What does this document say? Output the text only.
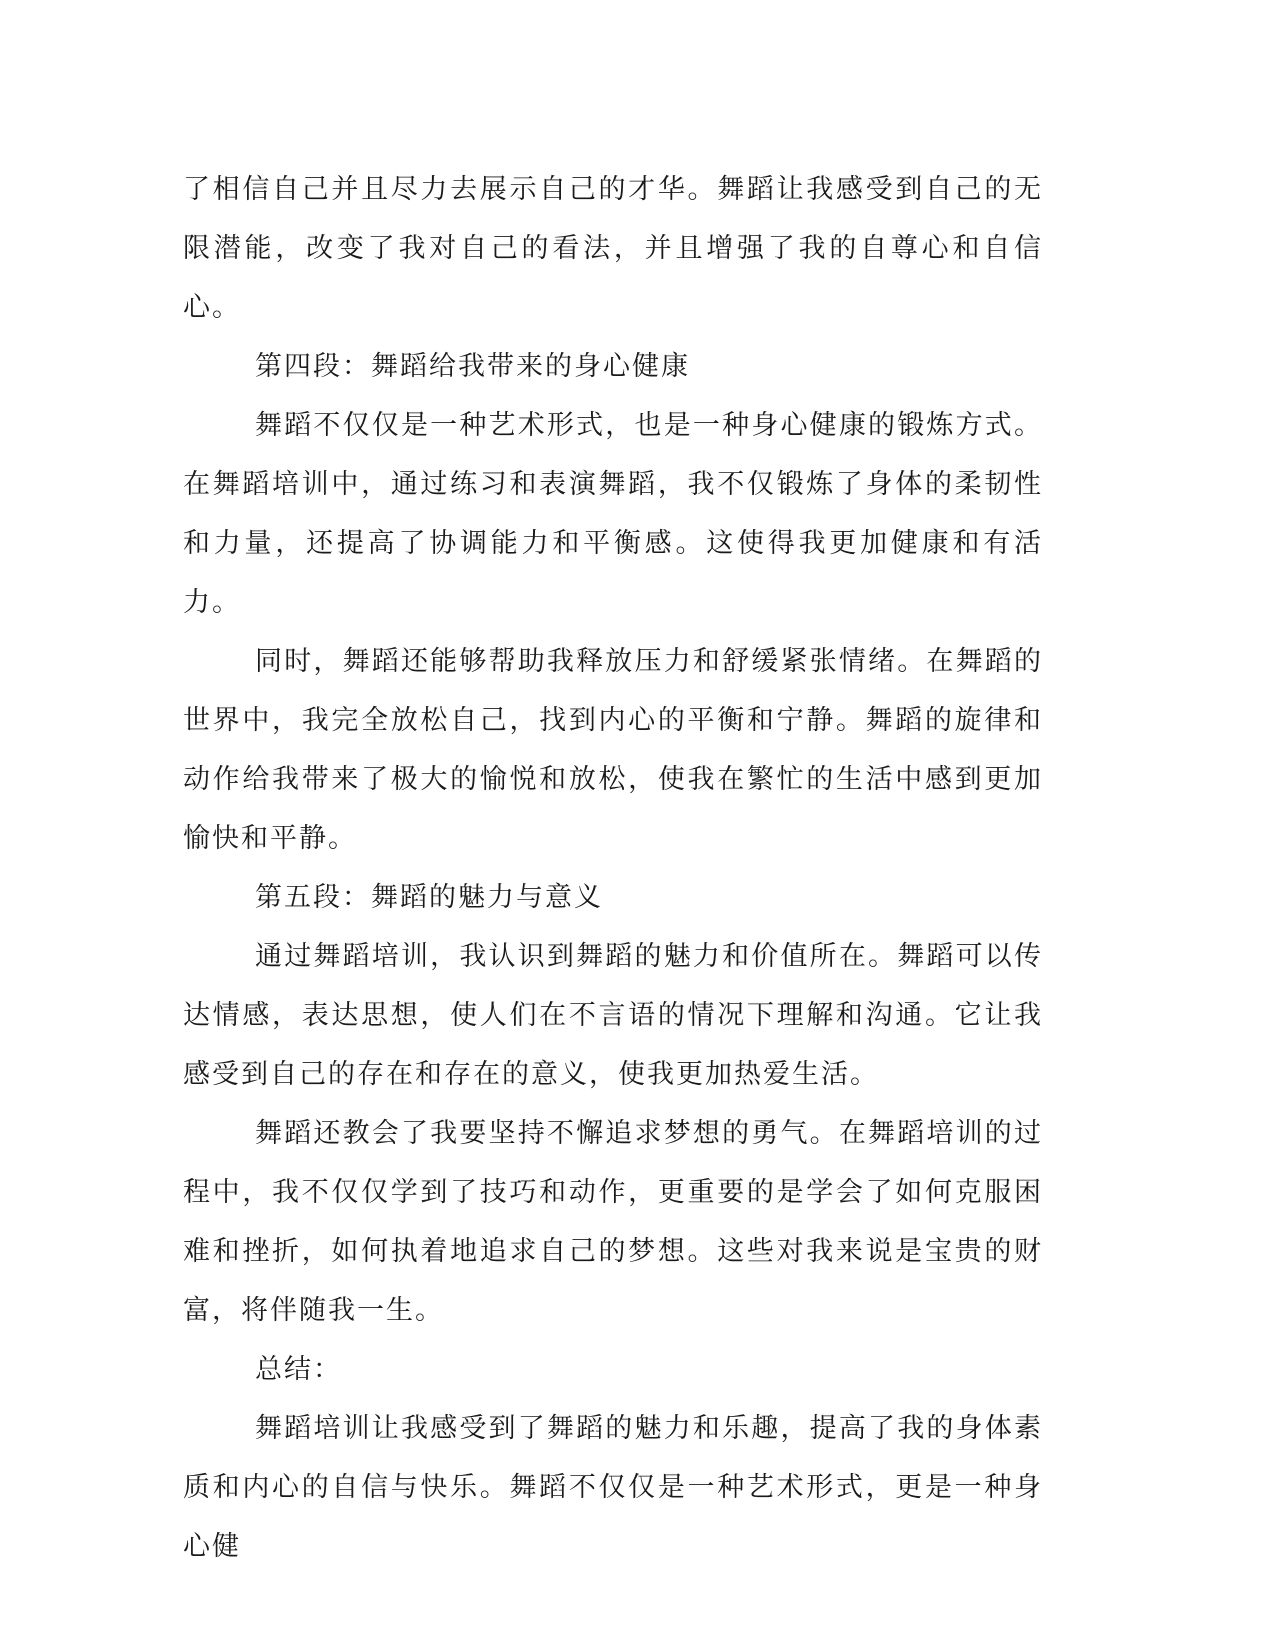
了相信自己并且尽力去展示自己的才华。舞蹈让我感受到自己的无限潜能，改变了我对自己的看法，并且增强了我的自尊心和自信心。

第四段：舞蹈给我带来的身心健康

舞蹈不仅仅是一种艺术形式，也是一种身心健康的锻炼方式。在舞蹈培训中，通过练习和表演舞蹈，我不仅锻炼了身体的柔韧性和力量，还提高了协调能力和平衡感。这使得我更加健康和有活力。

同时，舞蹈还能够帮助我释放压力和舒缓紧张情绪。在舞蹈的世界中，我完全放松自己，找到内心的平衡和宁静。舞蹈的旋律和动作给我带来了极大的愉悦和放松，使我在繁忙的生活中感到更加愉快和平静。

第五段：舞蹈的魅力与意义

通过舞蹈培训，我认识到舞蹈的魅力和价值所在。舞蹈可以传达情感，表达思想，使人们在不言语的情况下理解和沟通。它让我感受到自己的存在和存在的意义，使我更加热爱生活。

舞蹈还教会了我要坚持不懈追求梦想的勇气。在舞蹈培训的过程中，我不仅仅学到了技巧和动作，更重要的是学会了如何克服困难和挫折，如何执着地追求自己的梦想。这些对我来说是宝贵的财富，将伴随我一生。

总结：

舞蹈培训让我感受到了舞蹈的魅力和乐趣，提高了我的身体素质和内心的自信与快乐。舞蹈不仅仅是一种艺术形式，更是一种身心健
